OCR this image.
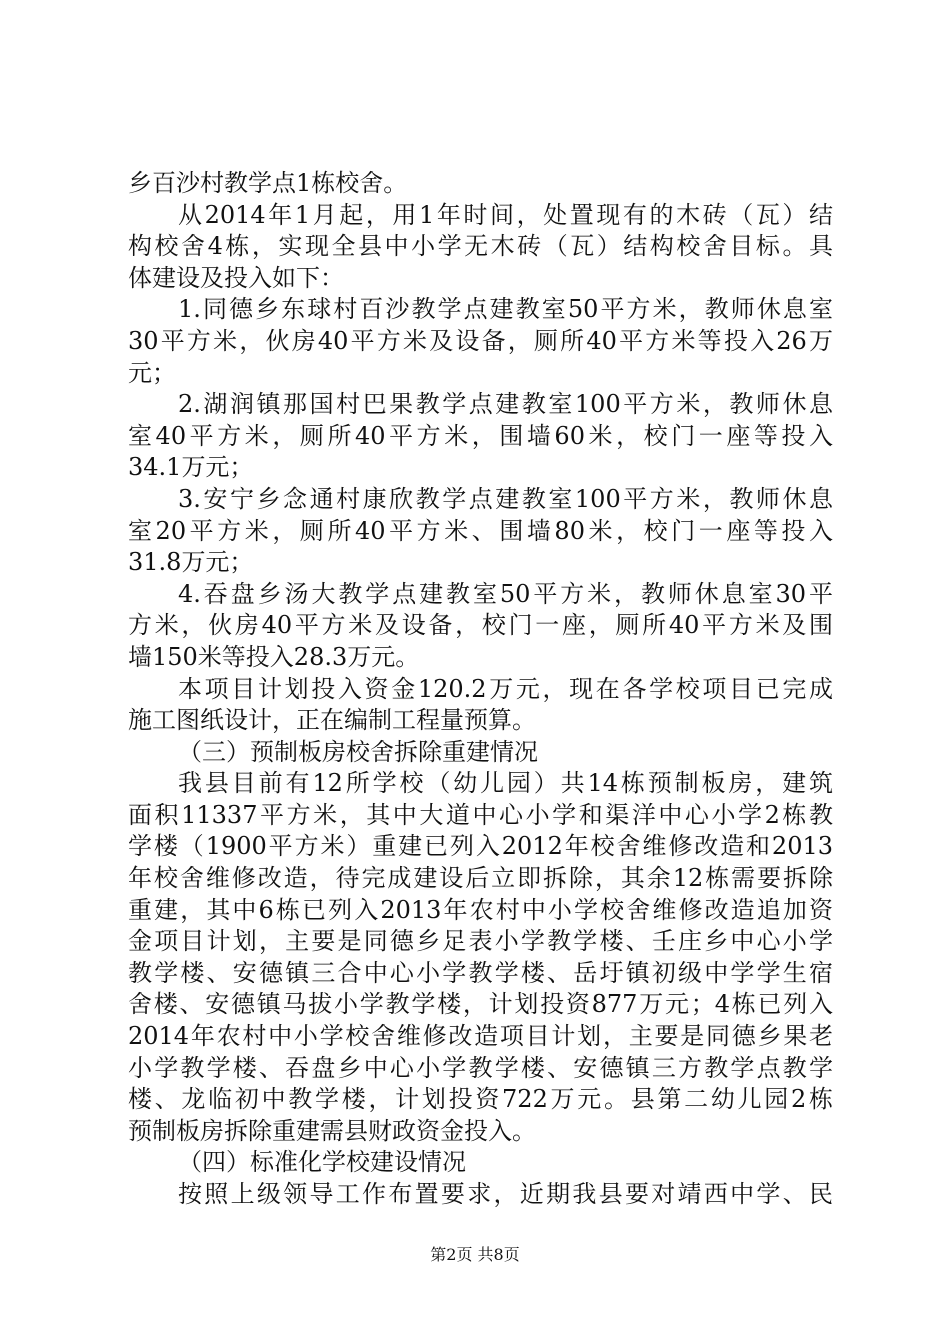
乡百沙村教学点1栋校舍。
从2014年1月起，用1年时间，处置现有的木砖（瓦）结
构校舍4栋，实现全县中小学无木砖（瓦）结构校舍目标。具
体建设及投入如下：
1.同德乡东球村百沙教学点建教室50平方米，教师休息室
30平方米，伙房40平方米及设备，厕所40平方米等投入26万
元；
2.湖润镇那国村巴果教学点建教室100平方米，教师休息
室40平方米，厕所40平方米，围墙60米，校门一座等投入
34.1万元；
3.安宁乡念通村康欣教学点建教室100平方米，教师休息
室20平方米，厕所40平方米、围墙80米，校门一座等投入
31.8万元；
4.吞盘乡汤大教学点建教室50平方米，教师休息室30平
方米，伙房40平方米及设备，校门一座，厕所40平方米及围
墙150米等投入28.3万元。
本项目计划投入资金120.2万元，现在各学校项目已完成
施工图纸设计，正在编制工程量预算。
（三）预制板房校舍拆除重建情况
我县目前有12所学校（幼儿园）共14栋预制板房，建筑
面积11337平方米，其中大道中心小学和渠洋中心小学2栋教
学楼（1900平方米）重建已列入2012年校舍维修改造和2013
年校舍维修改造，待完成建设后立即拆除，其余12栋需要拆除
重建，其中6栋已列入2013年农村中小学校舍维修改造追加资
金项目计划，主要是同德乡足表小学教学楼、壬庄乡中心小学
教学楼、安德镇三合中心小学教学楼、岳圩镇初级中学学生宿
舍楼、安德镇马拔小学教学楼，计划投资877万元；4栋已列入
2014年农村中小学校舍维修改造项目计划，主要是同德乡果老
小学教学楼、吞盘乡中心小学教学楼、安德镇三方教学点教学
楼、龙临初中教学楼，计划投资722万元。县第二幼儿园2栋
预制板房拆除重建需县财政资金投入。
（四）标准化学校建设情况
按照上级领导工作布置要求，近期我县要对靖西中学、民
第2页 共8页
